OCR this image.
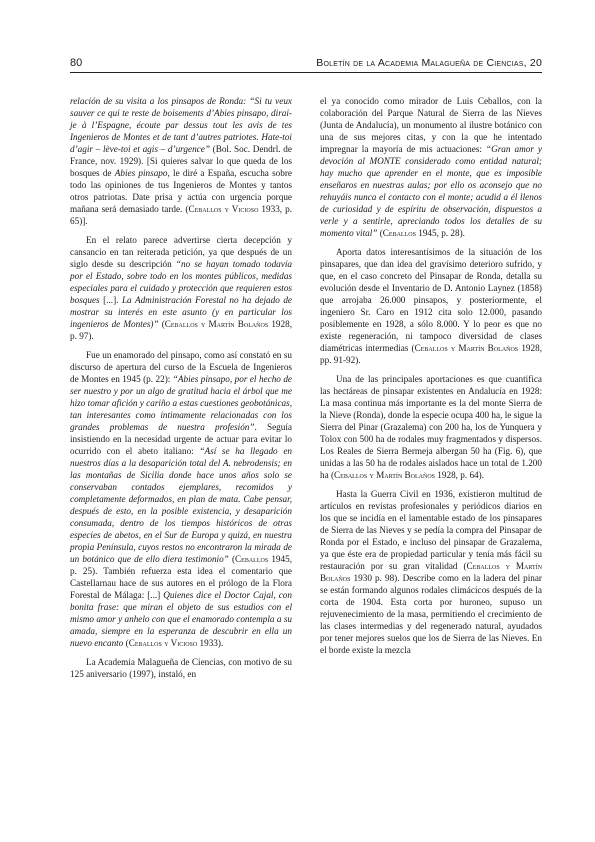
80	Boletín de la Academia Malagueña de Ciencias, 20

relación de su visita a los pinsapos de Ronda: “Si tu veux sauver ce qui te reste de boisements d’Abies pinsapo, dirai-je à l’Espagne, écoute par dessus tout les avis de tes Ingenieros de Montes et de tant d’autres patriotes. Hate-toi d’agir – lève-toi et agis – d’urgence” (Bol. Soc. Dendrl. de France, nov. 1929). [Si quieres salvar lo que queda de los bosques de Abies pinsapo, le diré a España, escucha sobre todo las opiniones de tus Ingenieros de Montes y tantos otros patriotas. Date prisa y actúa con urgencia porque mañana será demasiado tarde. (Ceballos y Vicioso 1933, p. 65)].

En el relato parece advertirse cierta decepción y cansancio en tan reiterada petición, ya que después de un siglo desde su descripción “no se hayan tomado todavía por el Estado, sobre todo en los montes públicos, medidas especiales para el cuidado y protección que requieren estos bosques [...]. La Administración Forestal no ha dejado de mostrar su interés en este asunto (y en particular los ingenieros de Montes)” (Ceballos y Martín Bolaños 1928, p. 97).

Fue un enamorado del pinsapo, como así constató en su discurso de apertura del curso de la Escuela de Ingenieros de Montes en 1945 (p. 22): “Abies pinsapo, por el hecho de ser nuestro y por un algo de gratitud hacia el árbol que me hizo tomar afición y cariño a estas cuestiones geobotánicas, tan interesantes como íntimamente relacionadas con los grandes problemas de nuestra profesión”. Seguía insistiendo en la necesidad urgente de actuar para evitar lo ocurrido con el abeto italiano: “Así se ha llegado en nuestros días a la desaparición total del A. nebrodensis; en las montañas de Sicilia donde hace unos años solo se conservaban contados ejemplares, recomidos y completamente deformados, en plan de mata. Cabe pensar, después de esto, en la posible existencia, y desaparición consumada, dentro de los tiempos históricos de otras especies de abetos, en el Sur de Europa y quizá, en nuestra propia Península, cuyos restos no encontraron la mirada de un botánico que de ello diera testimonio” (Ceballos 1945, p. 25). También refuerza esta idea el comentario que Castellarnau hace de sus autores en el prólogo de la Flora Forestal de Málaga: [...] Quienes dice el Doctor Cajal, con bonita frase: que miran el objeto de sus estudios con el mismo amor y anhelo con que el enamorado contempla a su amada, siempre en la esperanza de descubrir en ella un nuevo encanto (Ceballos y Vicioso 1933).

La Academia Malagueña de Ciencias, con motivo de su 125 aniversario (1997), instaló, en

el ya conocido como mirador de Luis Ceballos, con la colaboración del Parque Natural de Sierra de las Nieves (Junta de Andalucía), un monumento al ilustre botánico con una de sus mejores citas, y con la que he intentado impregnar la mayoría de mis actuaciones: “Gran amor y devoción al MONTE considerado como entidad natural; hay mucho que aprender en el monte, que es imposible enseñaros en nuestras aulas; por ello os aconsejo que no rehuyáis nunca el contacto con el monte; acudid a él llenos de curiosidad y de espíritu de observación, dispuestos a verle y a sentirle, apreciando todos los detalles de su momento vital” (Ceballos 1945, p. 28).

Aporta datos interesantísimos de la situación de los pinsapares, que dan idea del gravísimo deterioro sufrido, y que, en el caso concreto del Pinsapar de Ronda, detalla su evolución desde el Inventario de D. Antonio Laynez (1858) que arrojaba 26.000 pinsapos, y posteriormente, el ingeniero Sr. Caro en 1912 cita solo 12.000, pasando posiblemente en 1928, a sólo 8.000. Y lo peor es que no existe regeneración, ni tampoco diversidad de clases diamétricas intermedias (Ceballos y Martín Bolaños 1928, pp. 91-92).

Una de las principales aportaciones es que cuantifica las hectáreas de pinsapar existentes en Andalucía en 1928: La masa continua más importante es la del monte Sierra de la Nieve (Ronda), donde la especie ocupa 400 ha, le sigue la Sierra del Pinar (Grazalema) con 200 ha, los de Yunquera y Tolox con 500 ha de rodales muy fragmentados y dispersos. Los Reales de Sierra Bermeja albergan 50 ha (Fig. 6), que unidas a las 50 ha de rodales aislados hace un total de 1.200 ha (Ceballos y Martín Bolaños 1928, p. 64).

Hasta la Guerra Civil en 1936, existieron multitud de artículos en revistas profesionales y periódicos diarios en los que se incidía en el lamentable estado de los pinsapares de Sierra de las Nieves y se pedía la compra del Pinsapar de Ronda por el Estado, e incluso del pinsapar de Grazalema, ya que éste era de propiedad particular y tenía más fácil su restauración por su gran vitalidad (Ceballos y Martín Bolaños 1930 p. 98). Describe como en la ladera del pinar se están formando algunos rodales climácicos después de la corta de 1904. Esta corta por huroneo, supuso un rejuvenecimiento de la masa, permitiendo el crecimiento de las clases intermedias y del regenerado natural, ayudados por tener mejores suelos que los de Sierra de las Nieves. En el borde existe la mezcla
